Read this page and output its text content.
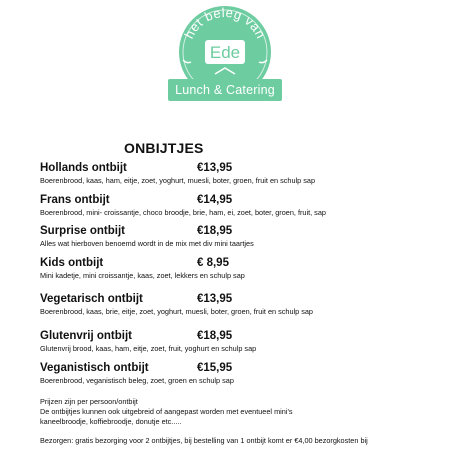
het beleg van
Ede
Lunch & Catering
ONBIJTJES
Hollands ontbijt	€13,95
Boerenbrood, kaas, ham, eitje, zoet, yoghurt, muesli, boter, groen, fruit en schulp sap
Frans ontbijt	€14,95
Boerenbrood, mini- croissantje, choco broodje, brie, ham, ei, zoet, boter, groen, fruit, sap
Surprise ontbijt	€18,95
Alles wat hierboven benoemd wordt in de mix met div mini taartjes
Kids ontbijt	€ 8,95
Mini kadetje, mini croissantje, kaas, zoet, lekkers en schulp sap
Vegetarisch ontbijt	€13,95
Boerenbrood, kaas, brie, eitje, zoet, yoghurt, muesli, boter, groen, fruit en schulp sap
Glutenvrij ontbijt	€18,95
Glutenvrij brood, kaas, ham, eitje, zoet, fruit, yoghurt en schulp sap
Veganistisch ontbijt	€15,95
Boerenbrood, veganistisch beleg, zoet, groen en schulp sap
Prijzen zijn per persoon/ontbijt
De ontbijtjes kunnen ook uitgebreid of aangepast worden met eventueel mini's
kaneelbroodje, koffiebroodje, donutje etc.....
Bezorgen: gratis bezorging voor 2 ontbijtjes, bij bestelling van 1 ontbijt komt er €4,00 bezorgkosten bij
